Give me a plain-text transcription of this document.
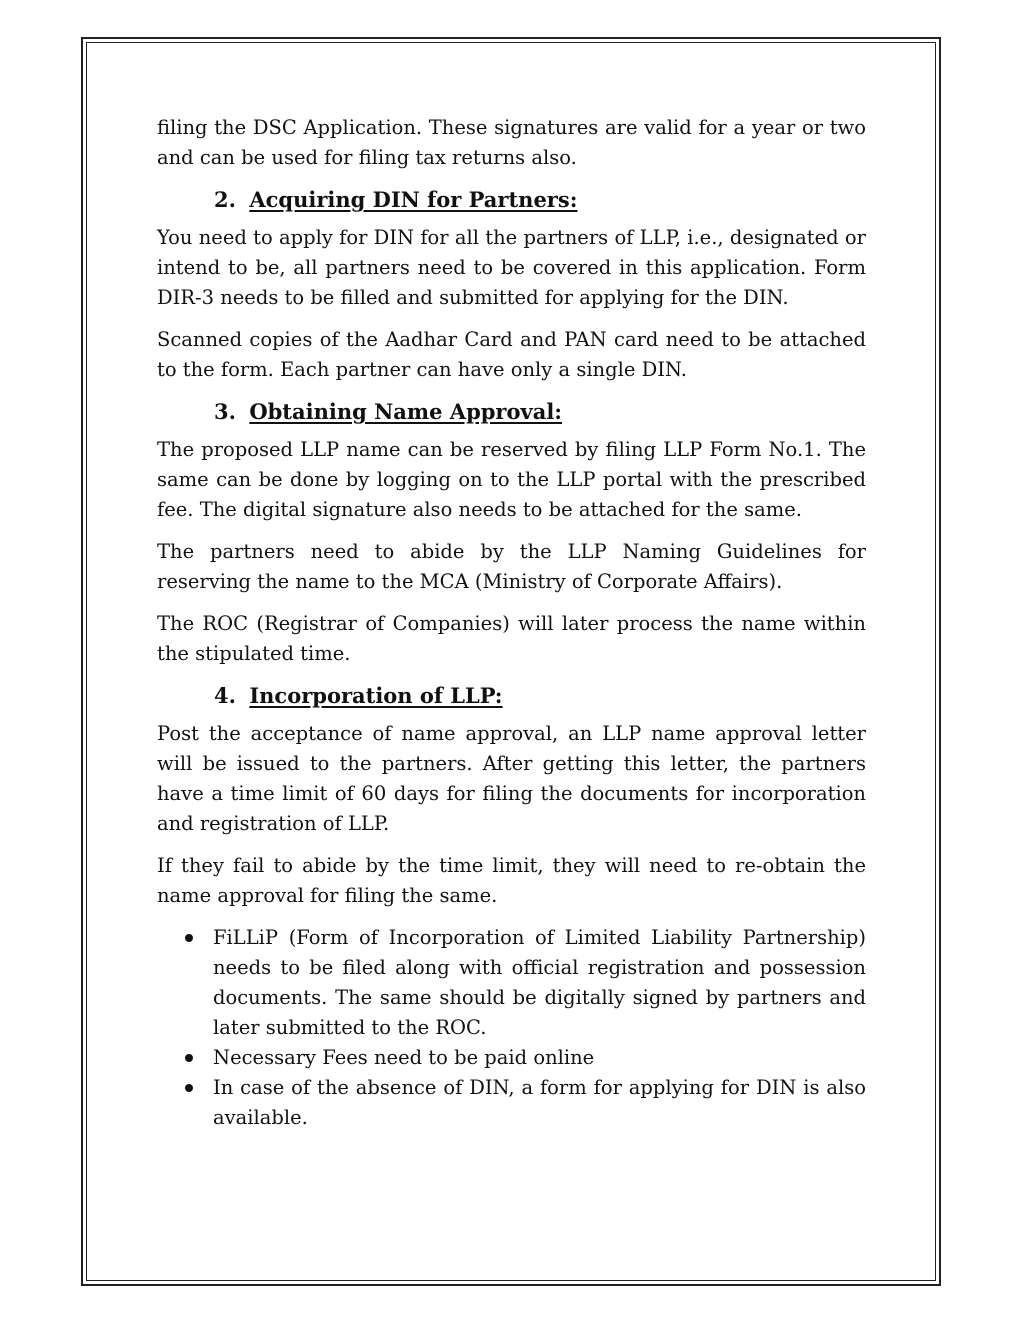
filing the DSC Application. These signatures are valid for a year or two and can be used for filing tax returns also.

2. Acquiring DIN for Partners:

You need to apply for DIN for all the partners of LLP, i.e., designated or intend to be, all partners need to be covered in this application. Form DIR-3 needs to be filled and submitted for applying for the DIN.

Scanned copies of the Aadhar Card and PAN card need to be attached to the form. Each partner can have only a single DIN.

3. Obtaining Name Approval:

The proposed LLP name can be reserved by filing LLP Form No.1. The same can be done by logging on to the LLP portal with the prescribed fee. The digital signature also needs to be attached for the same.

The partners need to abide by the LLP Naming Guidelines for reserving the name to the MCA (Ministry of Corporate Affairs).

The ROC (Registrar of Companies) will later process the name within the stipulated time.

4. Incorporation of LLP:

Post the acceptance of name approval, an LLP name approval letter will be issued to the partners. After getting this letter, the partners have a time limit of 60 days for filing the documents for incorporation and registration of LLP.

If they fail to abide by the time limit, they will need to re-obtain the name approval for filing the same.

FiLLiP (Form of Incorporation of Limited Liability Partnership) needs to be filed along with official registration and possession documents. The same should be digitally signed by partners and later submitted to the ROC.
Necessary Fees need to be paid online
In case of the absence of DIN, a form for applying for DIN is also available.
